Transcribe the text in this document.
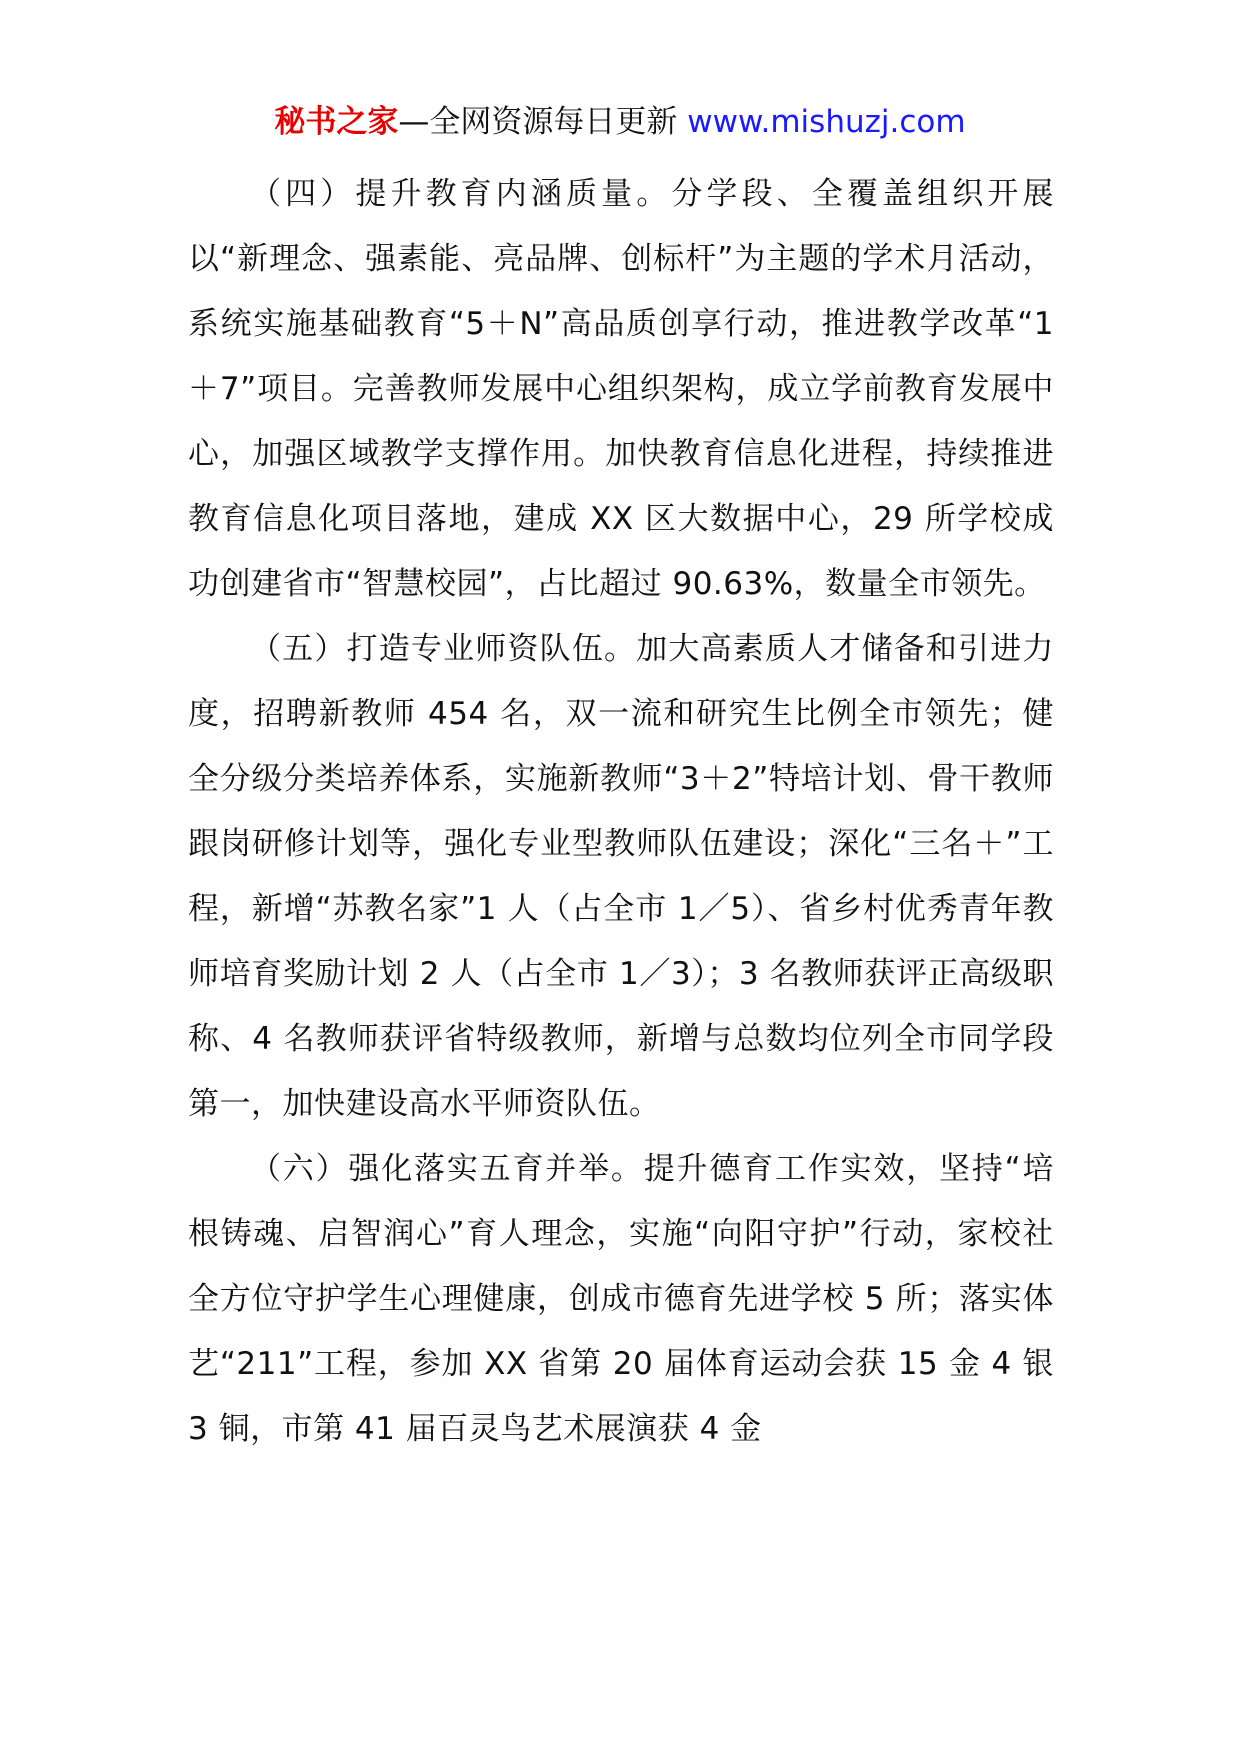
秘书之家—全网资源每日更新 www.mishuzj.com

（四）提升教育内涵质量。分学段、全覆盖组织开展以“新理念、强素能、亮品牌、创标杆”为主题的学术月活动，系统实施基础教育“5＋N”高品质创享行动，推进教学改革“1＋7”项目。完善教师发展中心组织架构，成立学前教育发展中心，加强区域教学支撑作用。加快教育信息化进程，持续推进教育信息化项目落地，建成 XX 区大数据中心，29 所学校成功创建省市“智慧校园”，占比超过 90.63%，数量全市领先。

（五）打造专业师资队伍。加大高素质人才储备和引进力度，招聘新教师 454 名，双一流和研究生比例全市领先；健全分级分类培养体系，实施新教师“3＋2”特培计划、骨干教师跟岗研修计划等，强化专业型教师队伍建设；深化“三名＋”工程，新增“苏教名家”1 人（占全市 1／5）、省乡村优秀青年教师培育奖励计划 2 人（占全市 1／3）；3 名教师获评正高级职称、4 名教师获评省特级教师，新增与总数均位列全市同学段第一，加快建设高水平师资队伍。

（六）强化落实五育并举。提升德育工作实效，坚持“培根铸魂、启智润心”育人理念，实施“向阳守护”行动，家校社全方位守护学生心理健康，创成市德育先进学校 5 所；落实体艺“211”工程，参加 XX 省第 20 届体育运动会获 15 金 4 银 3 铜，市第 41 届百灵鸟艺术展演获 4 金
